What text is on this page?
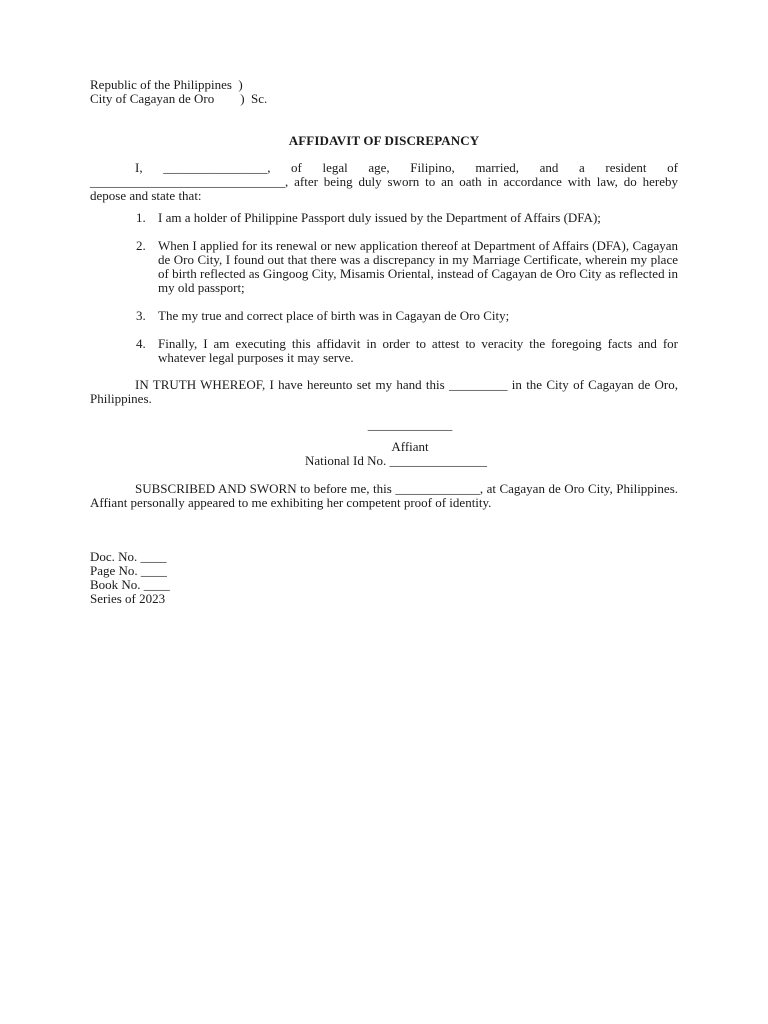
Republic of the Philippines  )
City of Cagayan de Oro        )  Sc.
AFFIDAVIT OF DISCREPANCY
I, ________________, of legal age, Filipino, married, and a resident of ______________________________, after being duly sworn to an oath in accordance with law, do hereby depose and state that:
1. I am a holder of Philippine Passport duly issued by the Department of Affairs (DFA);
2. When I applied for its renewal or new application thereof at Department of Affairs (DFA), Cagayan de Oro City, I found out that there was a discrepancy in my Marriage Certificate, wherein my place of birth reflected as Gingoog City, Misamis Oriental, instead of Cagayan de Oro City as reflected in my old passport;
3. The my true and correct place of birth was in Cagayan de Oro City;
4. Finally, I am executing this affidavit in order to attest to veracity the foregoing facts and for whatever legal purposes it may serve.
IN TRUTH WHEREOF, I have hereunto set my hand this _________ in the City of Cagayan de Oro, Philippines.
_____________
Affiant
National Id No. _______________
SUBSCRIBED AND SWORN to before me, this _____________, at Cagayan de Oro City, Philippines. Affiant personally appeared to me exhibiting her competent proof of identity.
Doc. No. ____
Page No. ____
Book No. ____
Series of 2023
